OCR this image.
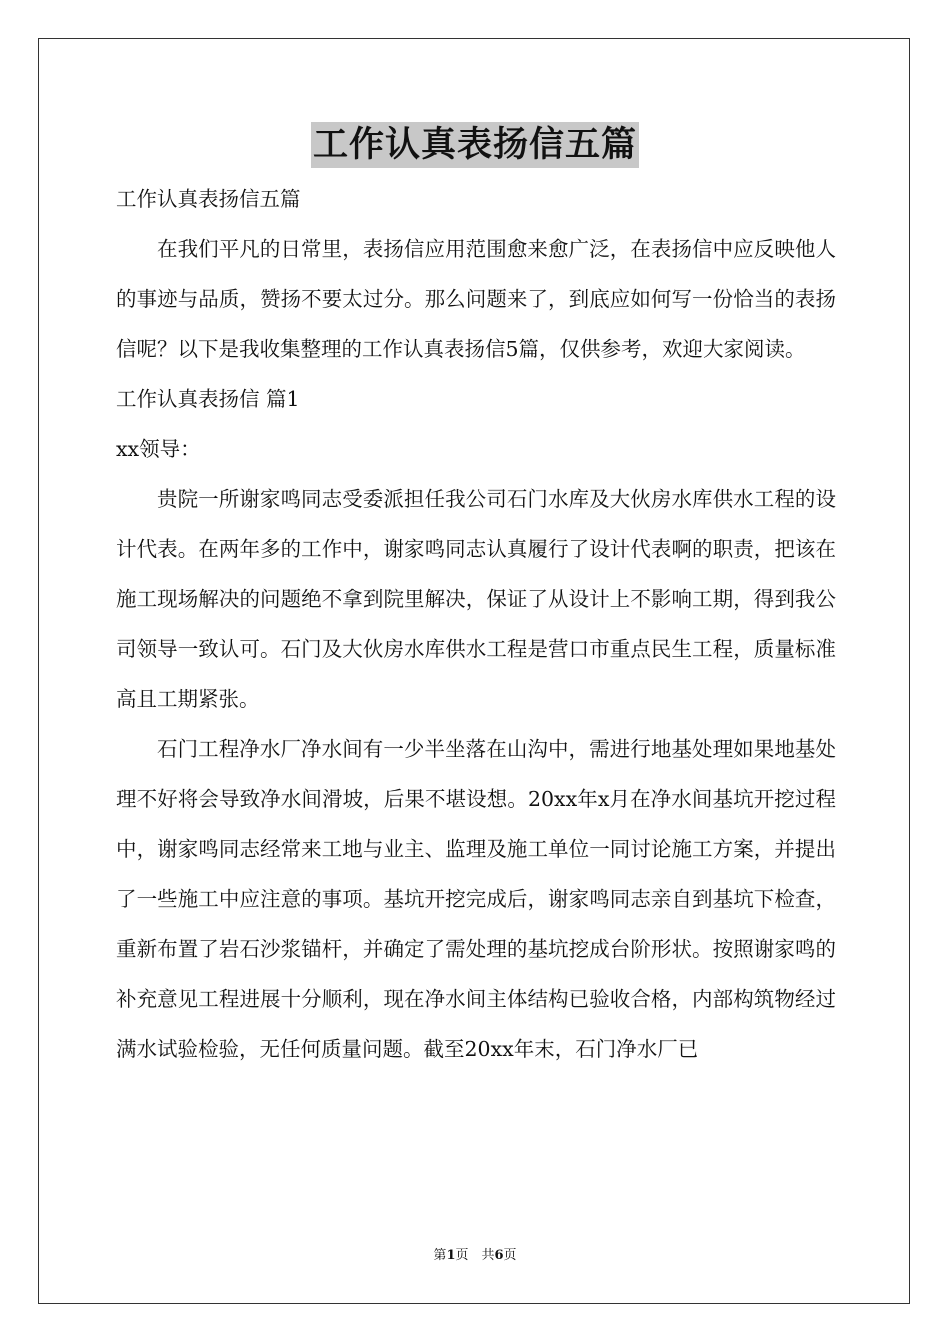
工作认真表扬信五篇

工作认真表扬信五篇

在我们平凡的日常里，表扬信应用范围愈来愈广泛，在表扬信中应反映他人的事迹与品质，赞扬不要太过分。那么问题来了，到底应如何写一份恰当的表扬信呢？以下是我收集整理的工作认真表扬信5篇，仅供参考，欢迎大家阅读。

工作认真表扬信 篇1

xx领导：

贵院一所谢家鸣同志受委派担任我公司石门水库及大伙房水库供水工程的设计代表。在两年多的工作中，谢家鸣同志认真履行了设计代表啊的职责，把该在施工现场解决的问题绝不拿到院里解决，保证了从设计上不影响工期，得到我公司领导一致认可。石门及大伙房水库供水工程是营口市重点民生工程，质量标准高且工期紧张。

石门工程净水厂净水间有一少半坐落在山沟中，需进行地基处理如果地基处理不好将会导致净水间滑坡，后果不堪设想。20xx年x月在净水间基坑开挖过程中，谢家鸣同志经常来工地与业主、监理及施工单位一同讨论施工方案，并提出了一些施工中应注意的事项。基坑开挖完成后，谢家鸣同志亲自到基坑下检查，重新布置了岩石沙浆锚杆，并确定了需处理的基坑挖成台阶形状。按照谢家鸣的补充意见工程进展十分顺利，现在净水间主体结构已验收合格，内部构筑物经过满水试验检验，无任何质量问题。截至20xx年末，石门净水厂已

第1页　共6页
